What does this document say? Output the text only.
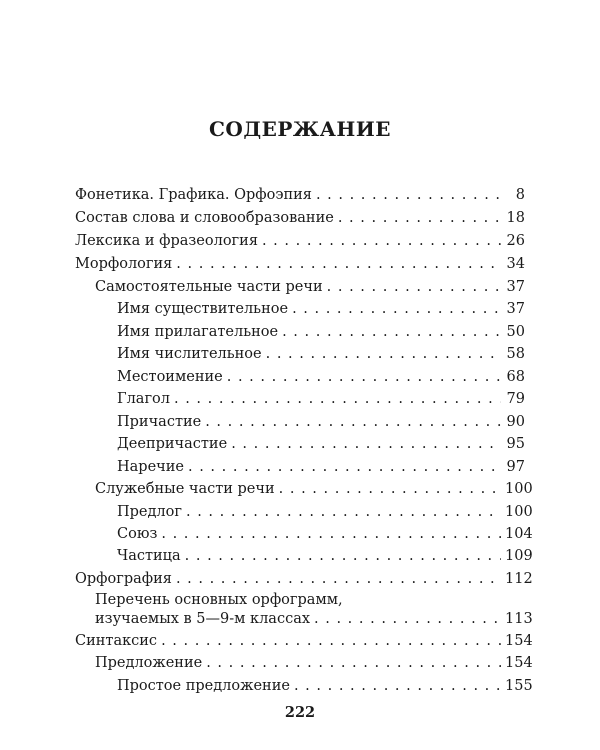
СОДЕРЖАНИЕ
Фонетика. Графика. Орфоэпия . . .	8
Состав слова и словообразование . . .	18
Лексика и фразеология . . .	26
Морфология . . .	34
Самостоятельные части речи . . .	37
Имя существительное . . .	37
Имя прилагательное . . .	50
Имя числительное . . .	58
Местоимение . . .	68
Глагол . . .	79
Причастие . . .	90
Деепричастие . . .	95
Наречие . . .	97
Служебные части речи . . .	100
Предлог . . .	100
Союз . . .	104
Частица . . .	109
Орфография . . .	112
Перечень основных орфограмм,
изучаемых в 5—9-м классах . . .	113
Синтаксис . . .	154
Предложение . . .	154
Простое предложение . . .	155
222
